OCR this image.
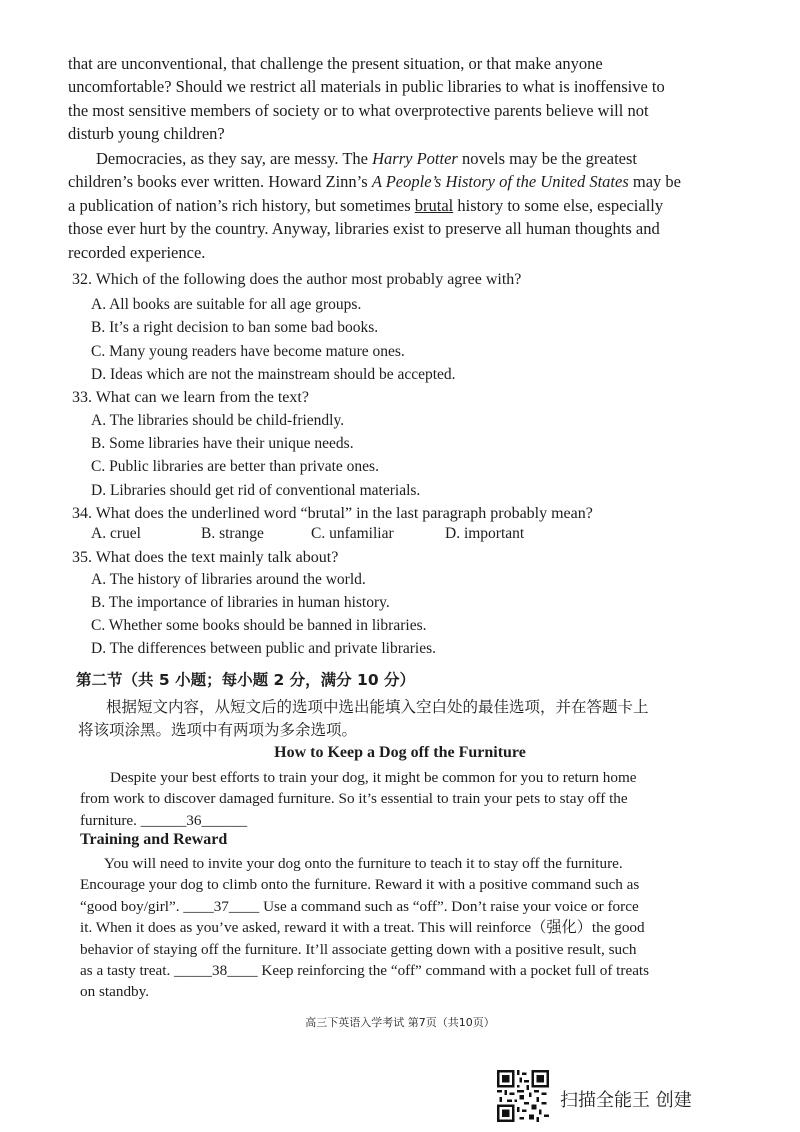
that are unconventional, that challenge the present situation, or that make anyone
uncomfortable? Should we restrict all materials in public libraries to what is inoffensive to
the most sensitive members of society or to what overprotective parents believe will not
disturb young children?
Democracies, as they say, are messy. The Harry Potter novels may be the greatest
children’s books ever written. Howard Zinn’s A People’s History of the United States may be
a publication of nation’s rich history, but sometimes brutal history to some else, especially
those ever hurt by the country. Anyway, libraries exist to preserve all human thoughts and
recorded experience.
32. Which of the following does the author most probably agree with?
A. All books are suitable for all age groups.
B. It’s a right decision to ban some bad books.
C. Many young readers have become mature ones.
D. Ideas which are not the mainstream should be accepted.
33. What can we learn from the text?
A. The libraries should be child-friendly.
B. Some libraries have their unique needs.
C. Public libraries are better than private ones.
D. Libraries should get rid of conventional materials.
34. What does the underlined word “brutal” in the last paragraph probably mean?
A. cruel	B. strange	C. unfamiliar	D. important
35. What does the text mainly talk about?
A. The history of libraries around the world.
B. The importance of libraries in human history.
C. Whether some books should be banned in libraries.
D. The differences between public and private libraries.
第二节（共 5 小题；每小题 2 分，满分 10 分）
根据短文内容，从短文后的选项中选出能填入空白处的最佳选项，并在答题卡上
将该项涂黑。选项中有两项为多余选项。
How to Keep a Dog off the Furniture
Despite your best efforts to train your dog, it might be common for you to return home
from work to discover damaged furniture. So it’s essential to train your pets to stay off the
furniture. ______36______
Training and Reward
You will need to invite your dog onto the furniture to teach it to stay off the furniture.
Encourage your dog to climb onto the furniture. Reward it with a positive command such as
“good boy/girl”. ____37____ Use a command such as “off”. Don’t raise your voice or force
it. When it does as you’ve asked, reward it with a treat. This will reinforce（强化）the good
behavior of staying off the furniture. It’ll associate getting down with a positive result, such
as a tasty treat. _____38____ Keep reinforcing the “off” command with a pocket full of treats
on standby.
高三下英语入学考试 第7页（共10页）
扫描全能王 创建
